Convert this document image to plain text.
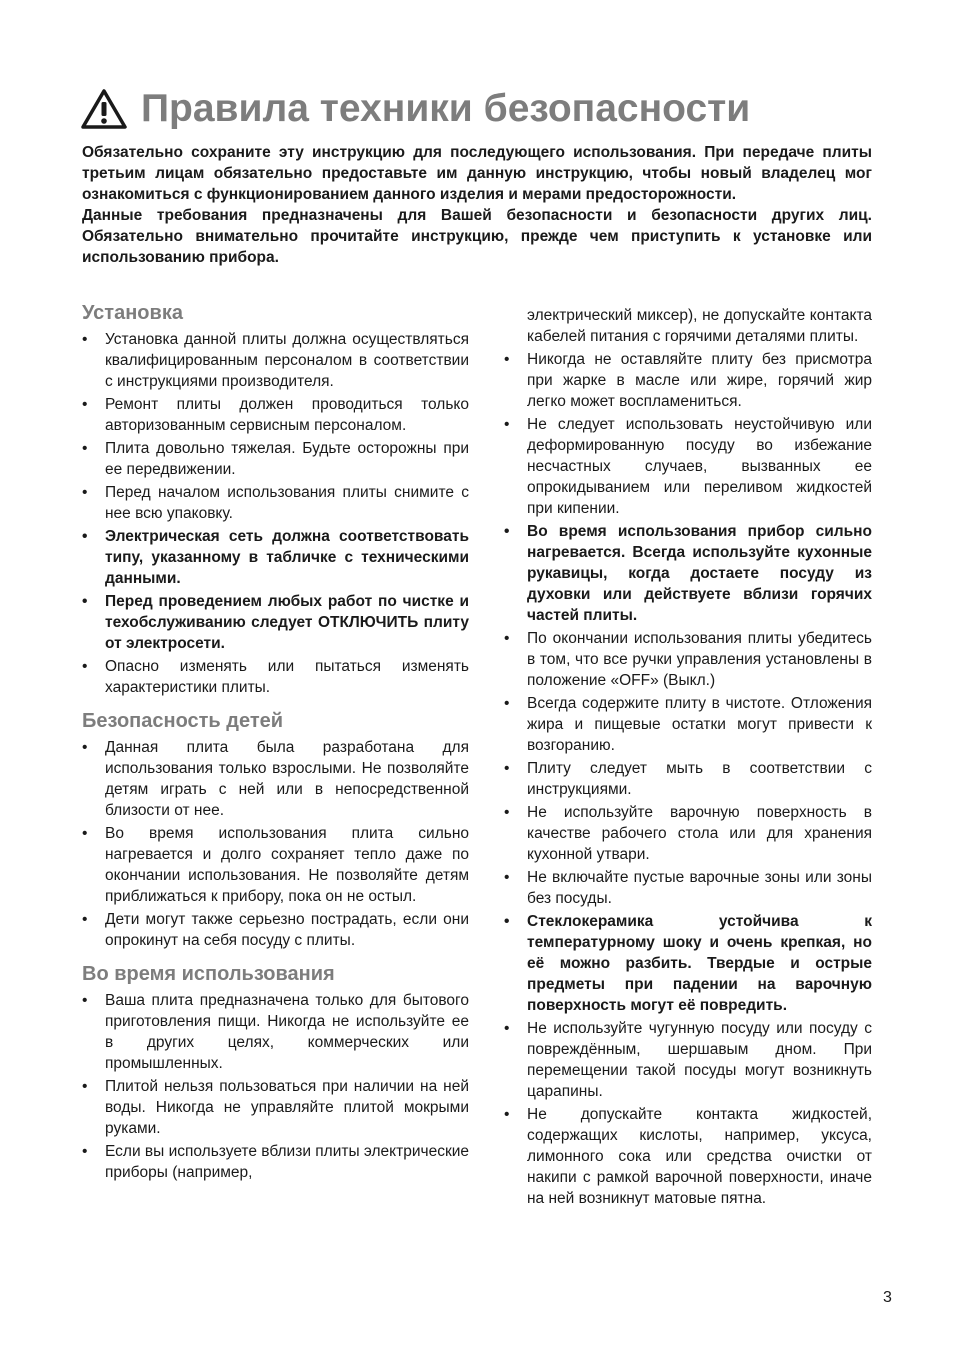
Правила техники безопасности

Обязательно сохраните эту инструкцию для последующего использования. При передаче плиты третьим лицам обязательно предоставьте им данную инструкцию, чтобы новый владелец мог ознакомиться с функционированием данного изделия и мерами предосторожности.

Данные требования предназначены для Вашей безопасности и безопасности других лиц. Обязательно внимательно прочитайте инструкцию, прежде чем приступить к установке или использованию прибора.

Установка
• Установка данной плиты должна осуществляться квалифицированным персоналом в соответствии с инструкциями производителя.
• Ремонт плиты должен проводиться только авторизованным сервисным персоналом.
• Плита довольно тяжелая. Будьте осторожны при ее передвижении.
• Перед началом использования плиты снимите с нее всю упаковку.
• Электрическая сеть должна соответствовать типу, указанному в табличке с техническими данными.
• Перед проведением любых работ по чистке и техобслуживанию следует ОТКЛЮЧИТЬ плиту от электросети.
• Опасно изменять или пытаться изменять характеристики плиты.
Безопасность детей
• Данная плита была разработана для использования только взрослыми. Не позволяйте детям играть с ней или в непосредственной близости от нее.
• Во время использования плита сильно нагревается и долго сохраняет тепло даже по окончании использования. Не позволяйте детям приближаться к прибору, пока он не остыл.
• Дети могут также серьезно пострадать, если они опрокинут на себя посуду с плиты.
Во время использования
• Ваша плита предназначена только для бытового приготовления пищи. Никогда не используйте ее в других целях, коммерческих или промышленных.
• Плитой нельзя пользоваться при наличии на ней воды. Никогда не управляйте плитой мокрыми руками.
• Если вы используете вблизи плиты электрические приборы (например,
электрический миксер), не допускайте контакта кабелей питания с горячими деталями плиты.
• Никогда не оставляйте плиту без присмотра при жарке в масле или жире, горячий жир легко может воспламениться.
• Не следует использовать неустойчивую или деформированную посуду во избежание несчастных случаев, вызванных ее опрокидыванием или переливом жидкостей при кипении.
• Во время использования прибор сильно нагревается. Всегда используйте кухонные рукавицы, когда достаете посуду из духовки или действуете вблизи горячих частей плиты.
• По окончании использования плиты убедитесь в том, что все ручки управления установлены в положение «OFF» (Выкл.)
• Всегда содержите плиту в чистоте. Отложения жира и пищевые остатки могут привести к возгоранию.
• Плиту следует мыть в соответствии с инструкциями.
• Не используйте варочную поверхность в качестве рабочего стола или для хранения кухонной утвари.
• Не включайте пустые варочные зоны или зоны без посуды.
• Стеклокерамика устойчива к температурному шоку и очень крепкая, но её можно разбить. Твердые и острые предметы при падении на варочную поверхность могут её повредить.
• Не используйте чугунную посуду или посуду с повреждённым, шершавым дном. При перемещении такой посуды могут возникнуть царапины.
• Не допускайте контакта жидкостей, содержащих кислоты, например, уксуса, лимонного сока или средства очистки от накипи с рамкой варочной поверхности, иначе на ней возникнут матовые пятна.
3
